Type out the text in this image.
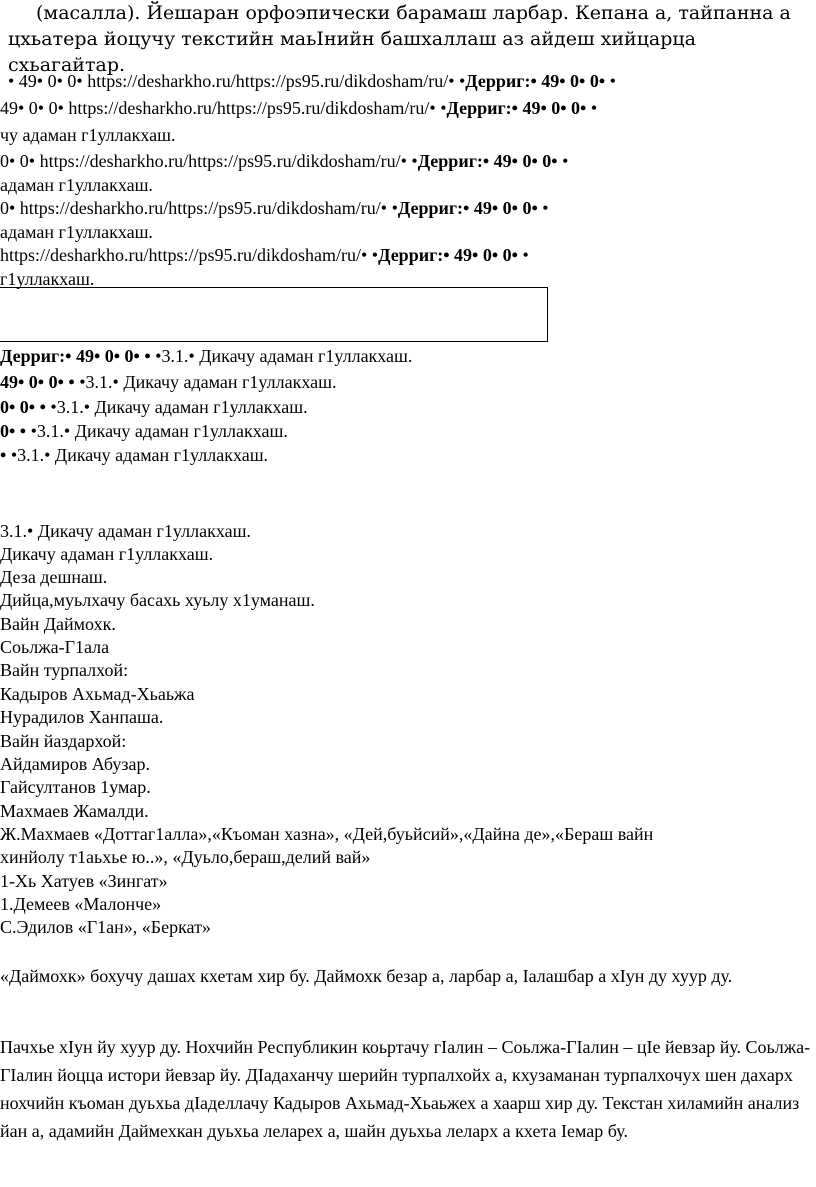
(масалла). Йешаран орфоэпически барамаш ларбар. Кепана а, тайпанна а
цхьатера йоцучу текстийн маьӀнийн башхаллаш аз айдеш хийцарца
схьагайтар.
• 49• 0• 0• https://desharkho.ru/https://ps95.ru/dikdosham/ru/• •Дерриг:• 49• 0• 0• •
49• 0• 0• https://desharkho.ru/https://ps95.ru/dikdosham/ru/• •Дерриг:• 49• 0• 0• •
чу адаман г1уллакхаш.
0• 0• https://desharkho.ru/https://ps95.ru/dikdosham/ru/• •Дерриг:• 49• 0• 0• •
адаман г1уллакхаш.
0• https://desharkho.ru/https://ps95.ru/dikdosham/ru/• •Дерриг:• 49• 0• 0• •
адаман г1уллакхаш.
https://desharkho.ru/https://ps95.ru/dikdosham/ru/• •Дерриг:• 49• 0• 0• •
г1уллакхаш.
Дерриг:• 49• 0• 0• • •3.1.• Дикачу адаман г1уллакхаш.
49• 0• 0• • •3.1.• Дикачу адаман г1уллакхаш.
0• 0• • •3.1.• Дикачу адаман г1уллакхаш.
0• • •3.1.• Дикачу адаман г1уллакхаш.
• •3.1.• Дикачу адаман г1уллакхаш.
3.1.• Дикачу адаман г1уллакхаш.
Дикачу адаман г1уллакхаш.
Деза дешнаш.
Дийца,муьлхачу басахь хуьлу х1уманаш.
Вайн Даймохк.
Соьлжа-Г1ала
Вайн турпалхой:
Кадыров Ахьмад-Хьаьжа
Нурадилов Ханпаша.
Вайн йаздархой:
Айдамиров Абузар.
Гайсултанов 1умар.
Махмаев Жамалди.
Ж.Махмаев «Доттаг1алла»,«Къоман хазна», «Дей,буьйсий»,«Дайна де»,«Бераш вайн
хинйолу т1аьхье ю..», «Дуьло,бераш,делий вай»
1-Хь Хатуев «Зингат»
1.Демеев «Малонче»
С.Эдилов «Г1ан», «Беркат»

«Даймохк» бохучу дашах кхетам хир бу. Даймохк безар а, ларбар а, Iалашбар а хIун ду хуур ду.

Пачхье хIун йу хуур ду. Нохчийн Республикин коьртачу гIалин – Соьлжа-ГIалин – цIе йевзар йу. Соьлжа-ГIалин йоцца истори йевзар йу. ДIадаханчу шерийн турпалхойх а, кхузаманан турпалхочух шен дахарх нохчийн къоман дуьхьа дIаделлачу Кадыров Ахьмад-Хьаьжех а хаарш хир ду. Текстан хиламийн анализ йан а, адамийн Даймехкан дуьхьа леларех а, шайн дуьхьа леларх а кхета Iемар бу.
